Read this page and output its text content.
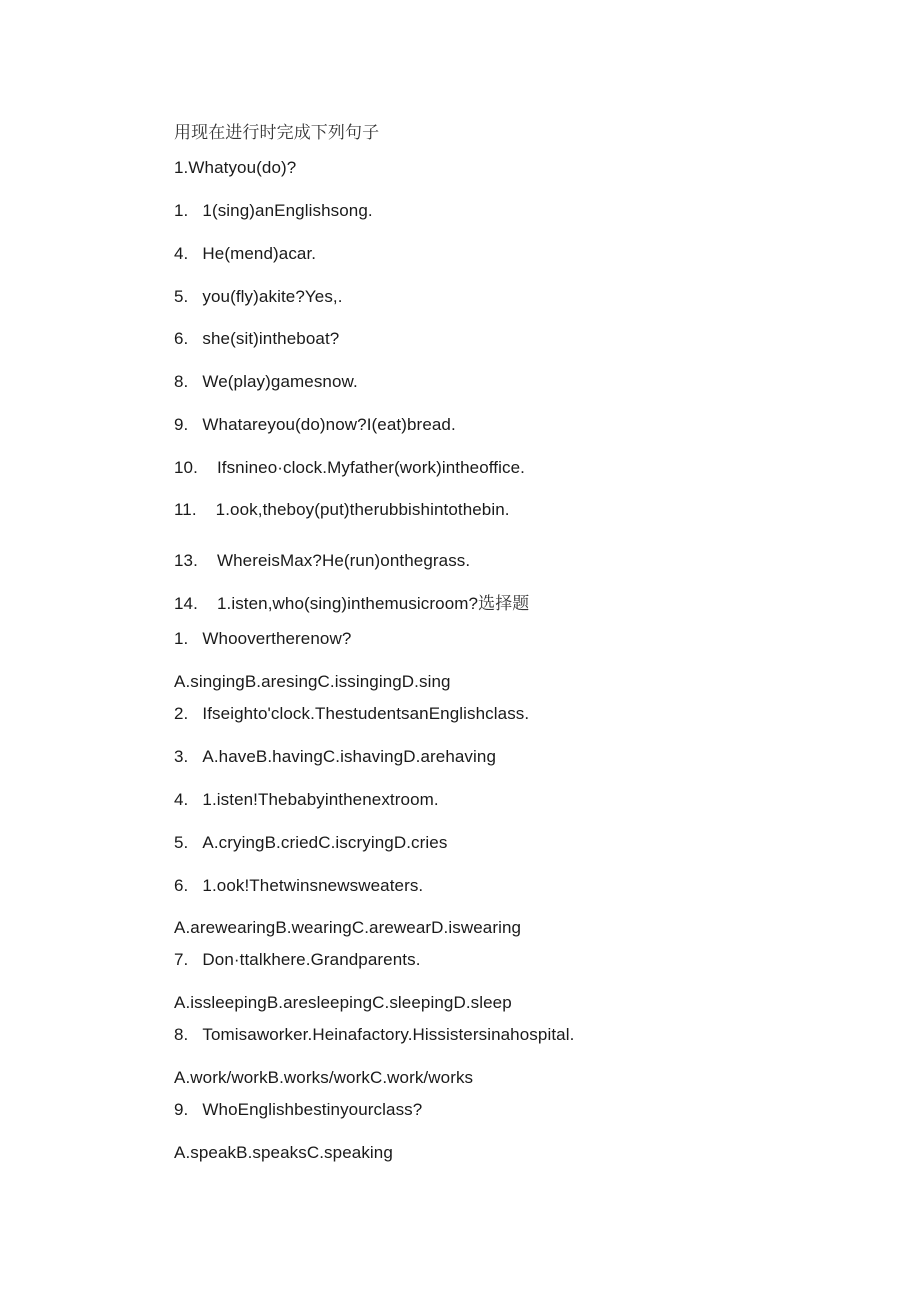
用现在进行时完成下列句子
1.Whatyou(do)?
1. 1(sing)anEnglishsong.
4. He(mend)acar.
5. you(fly)akite?Yes,.
6. she(sit)intheboat?
8. We(play)gamesnow.
9. Whatareyou(do)now?I(eat)bread.
10. Ifsnineo·clock.Myfather(work)intheoffice.
11. 1.ook,theboy(put)therubbishintothebin.
13. WhereisMax?He(run)onthegrass.
14. 1.isten,who(sing)inthemusicroom?选择题
1. Whoovertherenow?
A.singingB.aresingC.issingingD.sing
2. Ifseighto'clock.ThestudentsanEnglishclass.
3. A.haveB.havingC.ishavingD.arehaving
4. 1.isten!Thebabyinthenextroom.
5. A.cryingB.criedC.iscryingD.cries
6. 1.ook!Thetwinsnewsweaters.
A.arewearingB.wearingC.arewearD.iswearing
7. Don·ttalkhere.Grandparents.
A.issleepingB.aresleepingC.sleepingD.sleep
8. Tomisaworker.Heinafactory.Hissistersinahospital.
A.work/workB.works/workC.work/works
9. WhoEnglishbestinyourclass?
A.speakB.speaksC.speaking
